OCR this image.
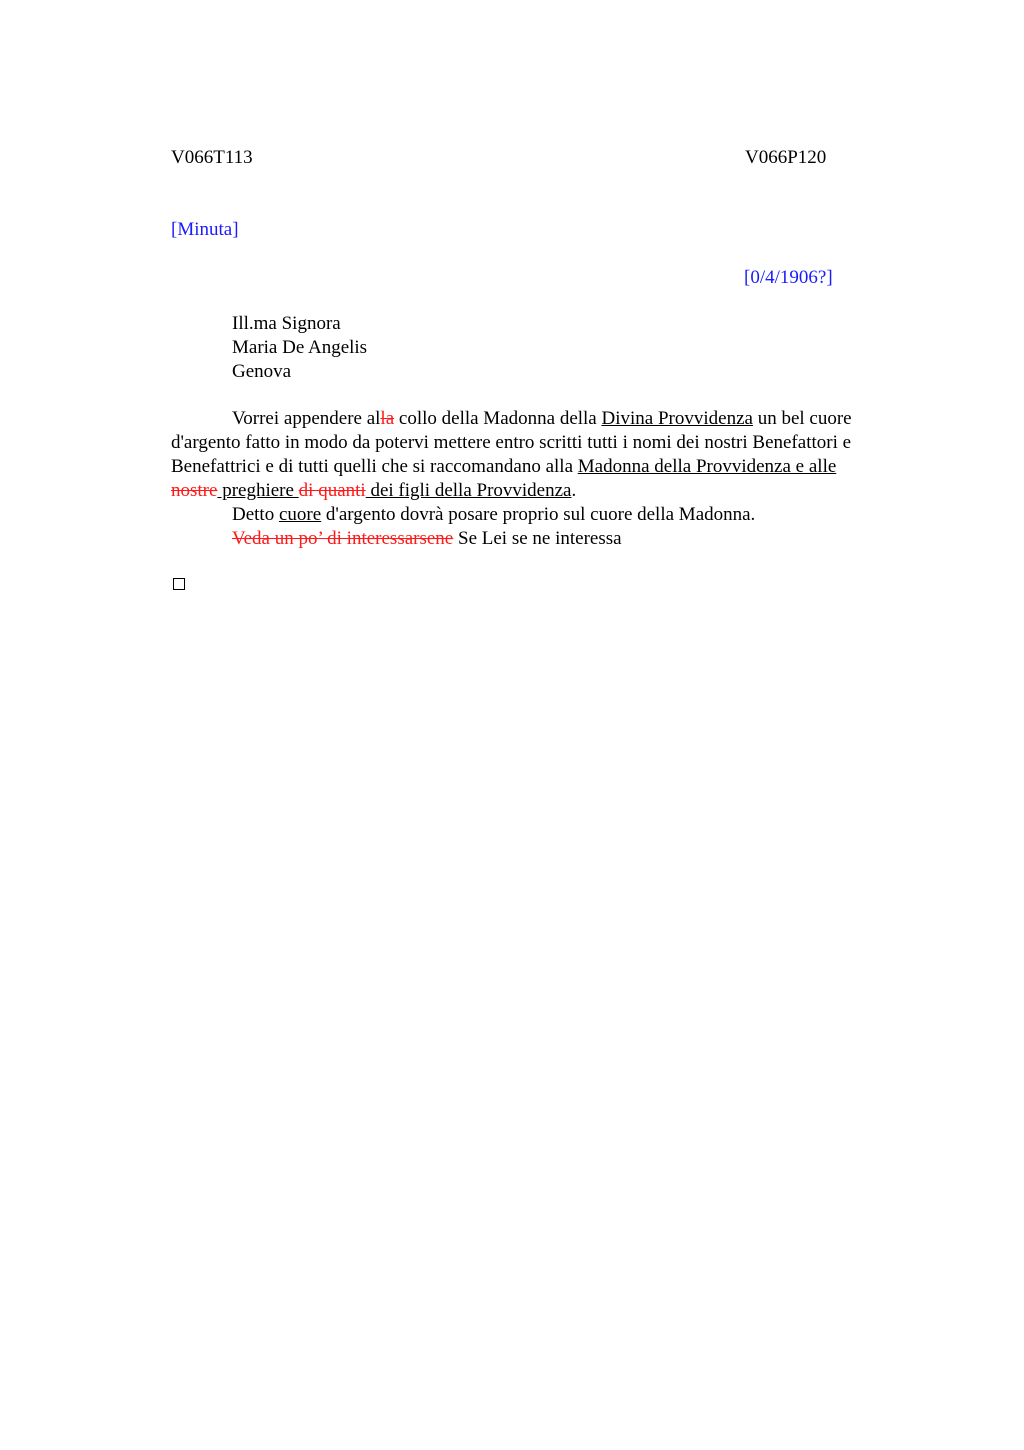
V066T113	V066P120
[Minuta]
[0/4/1906?]
Ill.ma Signora
Maria De Angelis
Genova
Vorrei appendere alla collo della Madonna della Divina Provvidenza un bel cuore
d'argento fatto in modo da potervi mettere entro scritti tutti i nomi dei nostri Benefattori e
Benefattrici e di tutti quelli che si raccomandano alla Madonna della Provvidenza e alle
nostre preghiere di quanti dei figli della Provvidenza.
Detto cuore d'argento dovrà posare proprio sul cuore della Madonna.
Veda un po’ di interessarsene Se Lei se ne interessa
